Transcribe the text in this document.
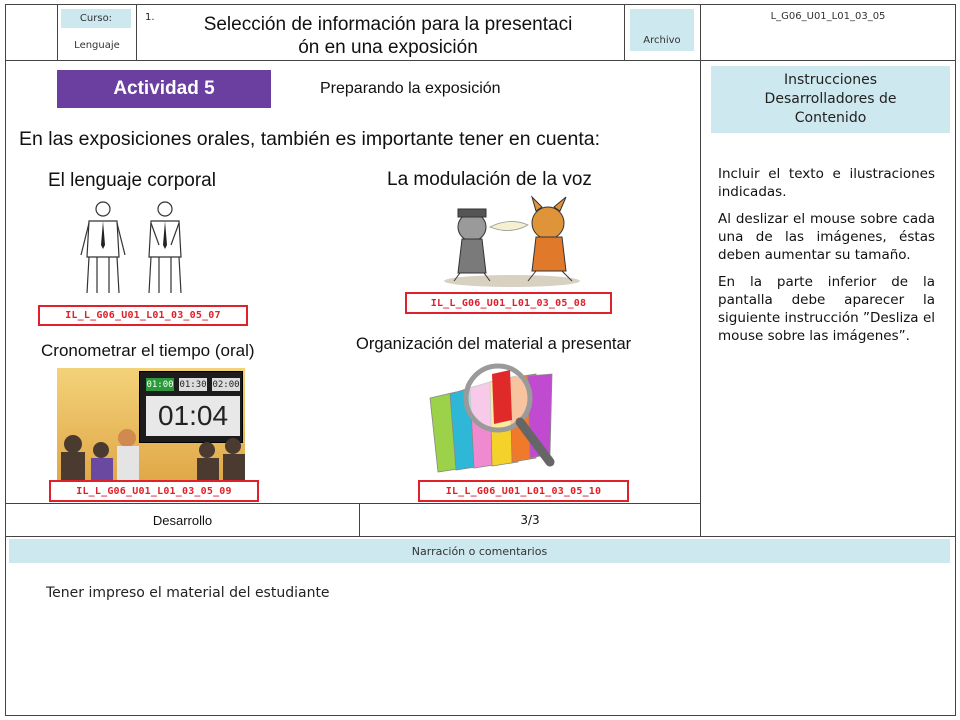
Curso:
Lenguaje
1.	Selección de información para la presentaci
ón en una exposición	Archivo
L_G06_U01_L01_03_05
Actividad 5	Preparando la exposición
En las exposiciones orales, también es importante tener en cuenta:
El lenguaje corporal
IL_L_G06_U01_L01_03_05_07
La modulación de la voz
IL_L_G06_U01_L01_03_05_08
Cronometrar el tiempo (oral)
01:00 01:30 02:00
01:04
IL_L_G06_U01_L01_03_05_09
Organización del material a presentar
IL_L_G06_U01_L01_03_05_10
Desarrollo	3/3
Instrucciones Desarrolladores de Contenido

Incluir el texto e ilustraciones indicadas.

Al deslizar el mouse sobre cada una de las imágenes, éstas deben aumentar su tamaño.

En la parte inferior de la pantalla debe aparecer la siguiente instrucción ”Desliza el mouse sobre las imágenes”.

Narración o comentarios
Tener impreso el material del estudiante
